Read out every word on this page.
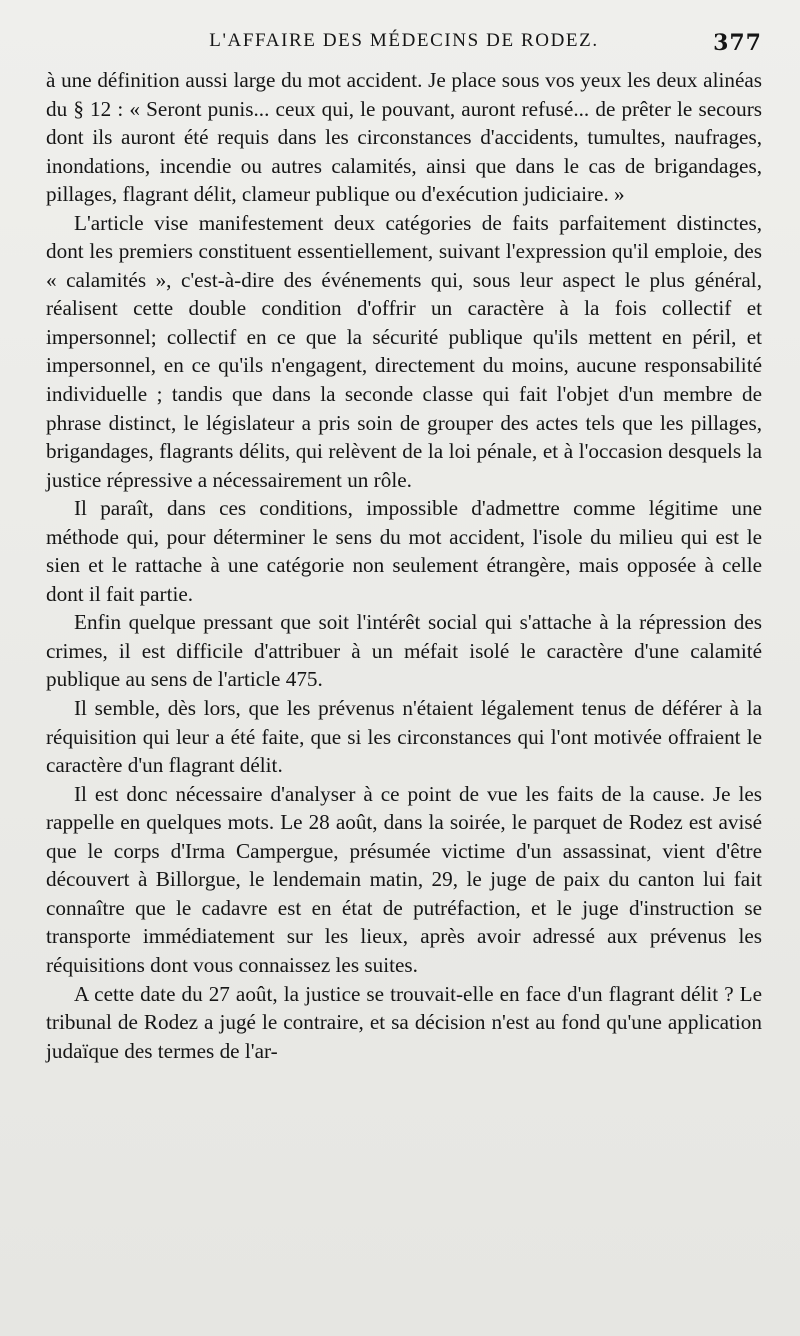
L'AFFAIRE DES MÉDECINS DE RODEZ.	377

à une définition aussi large du mot accident. Je place sous vos yeux les deux alinéas du § 12 : « Seront punis... ceux qui, le pouvant, auront refusé... de prêter le secours dont ils auront été requis dans les circonstances d'accidents, tumultes, naufrages, inondations, incendie ou autres calamités, ainsi que dans le cas de brigandages, pillages, flagrant délit, clameur publique ou d'exécution judiciaire. »

L'article vise manifestement deux catégories de faits parfaitement distinctes, dont les premiers constituent essentiellement, suivant l'expression qu'il emploie, des « calamités », c'est-à-dire des événements qui, sous leur aspect le plus général, réalisent cette double condition d'offrir un caractère à la fois collectif et impersonnel; collectif en ce que la sécurité publique qu'ils mettent en péril, et impersonnel, en ce qu'ils n'engagent, directement du moins, aucune responsabilité individuelle ; tandis que dans la seconde classe qui fait l'objet d'un membre de phrase distinct, le législateur a pris soin de grouper des actes tels que les pillages, brigandages, flagrants délits, qui relèvent de la loi pénale, et à l'occasion desquels la justice répressive a nécessairement un rôle.

Il paraît, dans ces conditions, impossible d'admettre comme légitime une méthode qui, pour déterminer le sens du mot accident, l'isole du milieu qui est le sien et le rattache à une catégorie non seulement étrangère, mais opposée à celle dont il fait partie.

Enfin quelque pressant que soit l'intérêt social qui s'attache à la répression des crimes, il est difficile d'attribuer à un méfait isolé le caractère d'une calamité publique au sens de l'article 475.

Il semble, dès lors, que les prévenus n'étaient légalement tenus de déférer à la réquisition qui leur a été faite, que si les circonstances qui l'ont motivée offraient le caractère d'un flagrant délit.

Il est donc nécessaire d'analyser à ce point de vue les faits de la cause. Je les rappelle en quelques mots. Le 28 août, dans la soirée, le parquet de Rodez est avisé que le corps d'Irma Campergue, présumée victime d'un assassinat, vient d'être découvert à Billorgue, le lendemain matin, 29, le juge de paix du canton lui fait connaître que le cadavre est en état de putréfaction, et le juge d'instruction se transporte immédiatement sur les lieux, après avoir adressé aux prévenus les réquisitions dont vous connaissez les suites.

A cette date du 27 août, la justice se trouvait-elle en face d'un flagrant délit ? Le tribunal de Rodez a jugé le contraire, et sa décision n'est au fond qu'une application judaïque des termes de l'ar-
